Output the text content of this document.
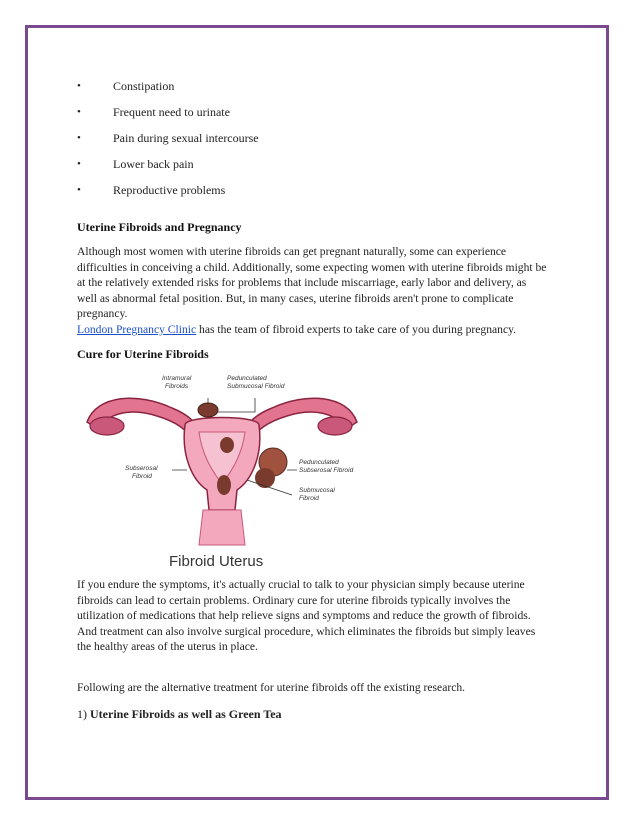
•	Constipation
•	Frequent need to urinate
•	Pain during sexual intercourse
•	Lower back pain
•	Reproductive problems
Uterine Fibroids and Pregnancy

Although most women with uterine fibroids can get pregnant naturally, some can experience
difficulties in conceiving a child. Additionally, some expecting women with uterine fibroids might be
at the relatively extended risks for problems that include miscarriage, early labor and delivery, as
well as abnormal fetal position. But, in many cases, uterine fibroids aren't prone to complicate
pregnancy.
London Pregnancy Clinic has the team of fibroid experts to take care of you during pregnancy.

Cure for Uterine Fibroids
Intramural
Fibroids
Pedunculated
Submucosal Fibroid
Subserosal
Fibroid
Pedunculated
Subserosal Fibroid
Submucosal
Fibroid
Fibroid Uterus

If you endure the symptoms, it's actually crucial to talk to your physician simply because uterine
fibroids can lead to certain problems. Ordinary cure for uterine fibroids typically involves the
utilization of medications that help relieve signs and symptoms and reduce the growth of fibroids.
And treatment can also involve surgical procedure, which eliminates the fibroids but simply leaves
the healthy areas of the uterus in place.

Following are the alternative treatment for uterine fibroids off the existing research.

1) Uterine Fibroids as well as Green Tea
